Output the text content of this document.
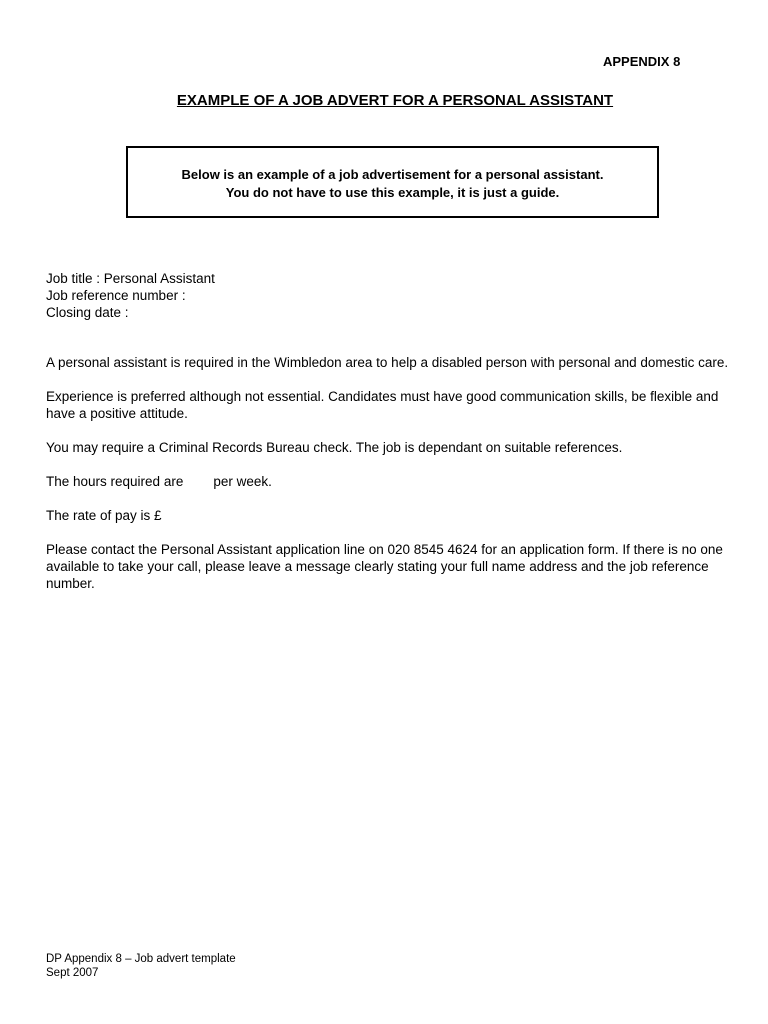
APPENDIX 8
EXAMPLE OF A JOB ADVERT FOR A PERSONAL ASSISTANT
Below is an example of a job advertisement for a personal assistant.
You do not have to use this example, it is just a guide.
Job title : Personal Assistant
Job reference number :
Closing date :

A personal assistant is required in the Wimbledon area to help a disabled person with personal and domestic care.

Experience is preferred although not essential. Candidates must have good communication skills, be flexible and have a positive attitude.

You may require a Criminal Records Bureau check. The job is dependant on suitable references.

The hours required are        per week.

The rate of pay is £

Please contact the Personal Assistant application line on 020 8545 4624 for an application form. If there is no one available to take your call, please leave a message clearly stating your full name address and the job reference number.

DP Appendix 8 – Job advert template
Sept 2007
